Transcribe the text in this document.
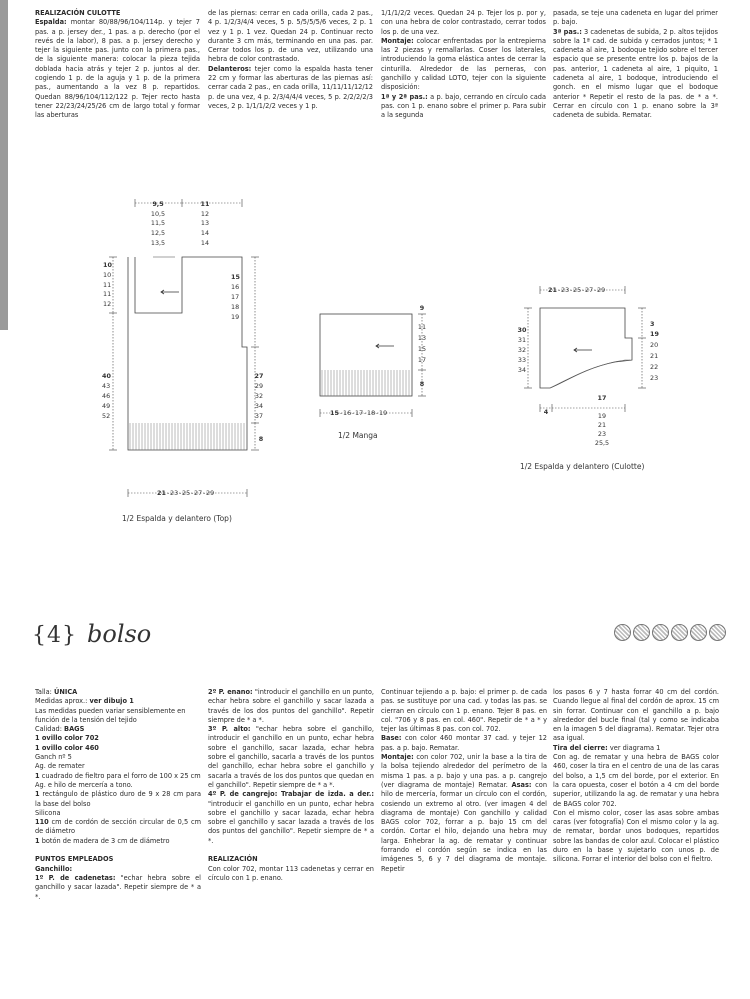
REALIZACIÓN CULOTTE

Espalda: montar 80/88/96/104/114p. y tejer 7 pas. a p. jersey der., 1 pas. a p. derecho (por el revés de la labor), 8 pas. a p. jersey derecho y tejer la siguiente pas. junto con la primera pas., de la siguiente manera: colocar la pieza tejida doblada hacia atrás y tejer 2 p. juntos al der. cogiendo 1 p. de la aguja y 1 p. de la primera pas., aumentando a la vez 8 p. repartidos. Quedan 88/96/104/112/122 p. Tejer recto hasta tener 22/23/24/25/26 cm de largo total y formar las aberturas

de las piernas: cerrar en cada orilla, cada 2 pas., 4 p. 1/2/3/4/4 veces, 5 p. 5/5/5/5/6 veces, 2 p. 1 vez y 1 p. 1 vez. Quedan 24 p. Continuar recto durante 3 cm más, terminando en una pas. par. Cerrar todos los p. de una vez, utilizando una hebra de color contrastado.

Delanteros: tejer como la espalda hasta tener 22 cm y formar las aberturas de las piernas así: cerrar cada 2 pas., en cada orilla, 11/11/11/12/12 p. de una vez, 4 p. 2/3/4/4/4 veces, 5 p. 2/2/2/2/3 veces, 2 p. 1/1/1/2/2 veces y 1 p.

1/1/1/2/2 veces. Quedan 24 p. Tejer los p. por y, con una hebra de color contrastado, cerrar todos los p. de una vez.

Montaje: colocar enfrentadas por la entrepierna las 2 piezas y remallarlas. Coser los laterales, introduciendo la goma elástica antes de cerrar la cinturilla. Alrededor de las perneras, con ganchillo y calidad LOTO, tejer con la siguiente disposición:

1ª y 2ª pas.: a p. bajo, cerrando en círculo cada pas. con 1 p. enano sobre el primer p. Para subir a la segunda

pasada, se teje una cadeneta en lugar del primer p. bajo.

3ª pas.: 3 cadenetas de subida, 2 p. altos tejidos sobre la 1ª cad. de subida y cerrados juntos; * 1 cadeneta al aire, 1 bodoque tejido sobre el tercer espacio que se presente entre los p. bajos de la pas. anterior, 1 cadeneta al aire, 1 piquito, 1 cadeneta al aire, 1 bodoque, introduciendo el gonch. en el mismo lugar que el bodoque anterior * Repetir el resto de la pas. de * a *. Cerrar en círculo con 1 p. enano sobre la 3ª cadeneta de subida. Rematar.

9,5
10,5
11,5
12,5
13,5
11
12
13
14
14
10
10
11
11
12
40
43
46
49
52
15
16
17
18
19
27
29
32
34
37
8
21 - 23 - 25 - 27 - 29
1/2 Espalda y delantero (Top)
9
11
13
15
17
8
15 - 16 - 17 - 18 - 19
1/2 Manga
21 - 23 - 25 - 27 - 29
30
31
32
33
34
3
19
20
21
22
23
4
17
19
21
23
25,5
1/2 Espalda y delantero (Culotte)
{4} bolso

Talla: ÚNICA

Medidas aprox.: ver dibujo 1

Las medidas pueden variar sensiblemente en función de la tensión del tejido

Calidad: BAGS

1 ovillo color 702

1 ovillo color 460

Ganch nº 5

Ag. de remater

1 cuadrado de fieltro para el forro de 100 x 25 cm

Ag. e hilo de mercería a tono.

1 rectángulo de plástico duro de 9 x 28 cm para la base del bolso

Silicona

110 cm de cordón de sección circular de 0,5 cm de diámetro

1 botón de madera de 3 cm de diámetro

PUNTOS EMPLEADOS

Ganchillo:

1º P. de cadenetas: "echar hebra sobre el ganchillo y sacar lazada". Repetir siempre de * a *.

2º P. enano: "introducir el ganchillo en un punto, echar hebra sobre el ganchillo y sacar lazada a través de los dos puntos del ganchillo". Repetir siempre de * a *.

3º P. alto: "echar hebra sobre el ganchillo, introducir el ganchillo en un punto, echar hebra sobre el ganchillo, sacar lazada, echar hebra sobre el ganchillo, sacarla a través de los puntos del ganchillo, echar hebra sobre el ganchillo y sacarla a través de los dos puntos que quedan en el ganchillo". Repetir siempre de * a *.

4º P. de cangrejo: Trabajar de izda. a der.: "introducir el ganchillo en un punto, echar hebra sobre el ganchillo y sacar lazada, echar hebra sobre el ganchillo y sacar lazada a través de los dos puntos del ganchillo". Repetir siempre de * a *.

REALIZACIÓN

Con color 702, montar 113 cadenetas y cerrar en círculo con 1 p. enano.

Continuar tejiendo a p. bajo: el primer p. de cada pas. se sustituye por una cad. y todas las pas. se cierran en círculo con 1 p. enano. Tejer 8 pas. en col. "706 y 8 pas. en col. 460". Repetir de * a * y tejer las últimas 8 pas. con col. 702.

Base: con color 460 montar 37 cad. y tejer 12 pas. a p. bajo. Rematar.

Montaje: con color 702, unir la base a la tira de la bolsa tejiendo alrededor del perímetro de la misma 1 pas. a p. bajo y una pas. a p. cangrejo (ver diagrama de montaje) Rematar. Asas: con hilo de mercería, formar un círculo con el cordón, cosiendo un extremo al otro. (ver imagen 4 del diagrama de montaje) Con ganchillo y calidad BAGS color 702, forrar a p. bajo 15 cm del cordón. Cortar el hilo, dejando una hebra muy larga. Enhebrar la ag. de rematar y continuar forrando el cordón según se indica en las imágenes 5, 6 y 7 del diagrama de montaje. Repetir

los pasos 6 y 7 hasta forrar 40 cm del cordón. Cuando llegue al final del cordón de aprox. 15 cm sin forrar. Continuar con el ganchillo a p. bajo alrededor del bucle final (tal y como se indicaba en la imagen 5 del diagrama). Rematar. Tejer otra asa igual.

Tira del cierre: ver diagrama 1

Con ag. de rematar y una hebra de BAGS color 460, coser la tira en el centro de una de las caras del bolso, a 1,5 cm del borde, por el exterior. En la cara opuesta, coser el botón a 4 cm del borde superior, utilizando la ag. de rematar y una hebra de BAGS color 702.

Con el mismo color, coser las asas sobre ambas caras (ver fotografía) Con el mismo color y la ag. de rematar, bordar unos bodoques, repartidos sobre las bandas de color azul. Colocar el plástico duro en la base y sujetarlo con unos p. de silicona. Forrar el interior del bolso con el fieltro.
